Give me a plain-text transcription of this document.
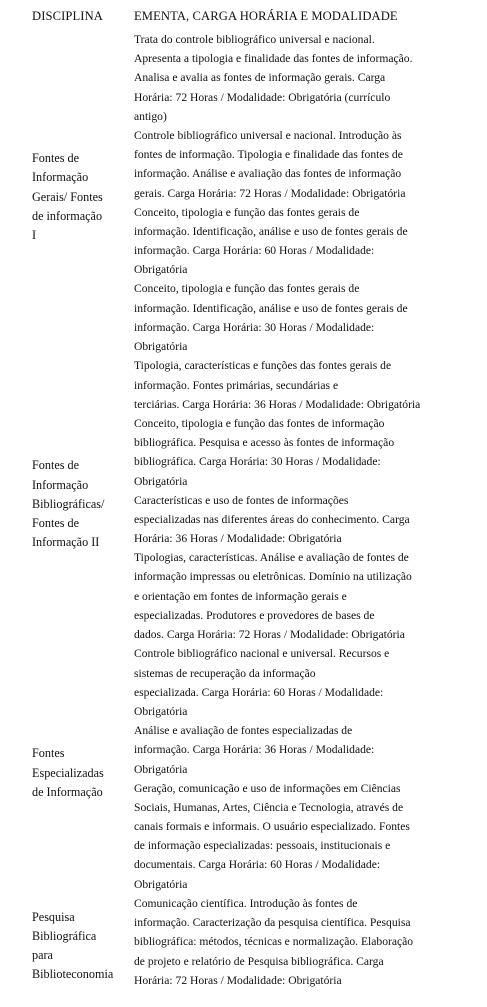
DISCIPLINA EMENTA, CARGA HORÁRIA E MODALIDADE
Fontes de
Informação
Gerais/ Fontes
de informação
I
Trata do controle bibliográfico universal e nacional.
Apresenta a tipologia e finalidade das fontes de informação.
Analisa e avalia as fontes de informação gerais. Carga
Horária: 72 Horas / Modalidade: Obrigatória (currículo
antigo)
Controle bibliográfico universal e nacional. Introdução às
fontes de informação. Tipologia e finalidade das fontes de
informação. Análise e avaliação das fontes de informação
gerais. Carga Horária: 72 Horas / Modalidade: Obrigatória
Conceito, tipologia e função das fontes gerais de
informação. Identificação, análise e uso de fontes gerais de
informação. Carga Horária: 60 Horas / Modalidade:
Obrigatória
Conceito, tipologia e função das fontes gerais de
informação. Identificação, análise e uso de fontes gerais de
informação. Carga Horária: 30 Horas / Modalidade:
Obrigatória
Fontes de
Informação
Bibliográficas/
Fontes de
Informação II
Tipologia, características e funções das fontes gerais de
informação. Fontes primárias, secundárias e
terciárias. Carga Horária: 36 Horas / Modalidade: Obrigatória
Conceito, tipologia e função das fontes de informação
bibliográfica. Pesquisa e acesso às fontes de informação
bibliográfica. Carga Horária: 30 Horas / Modalidade:
Obrigatória
Características e uso de fontes de informações
especializadas nas diferentes áreas do conhecimento. Carga
Horária: 36 Horas / Modalidade: Obrigatória
Tipologias, características. Análise e avaliação de fontes de
informação impressas ou eletrônicas. Domínio na utilização
e orientação em fontes de informação gerais e
especializadas. Produtores e provedores de bases de
dados. Carga Horária: 72 Horas / Modalidade: Obrigatória
Fontes
Especializadas
de Informação
Controle bibliográfico nacional e universal. Recursos e
sistemas de recuperação da informação
especializada. Carga Horária: 60 Horas / Modalidade:
Obrigatória
Análise e avaliação de fontes especializadas de
informação. Carga Horária: 36 Horas / Modalidade:
Obrigatória
Geração, comunicação e uso de informações em Ciências
Sociais, Humanas, Artes, Ciência e Tecnologia, através de
canais formais e informais. O usuário especializado. Fontes
de informação especializadas: pessoais, institucionais e
documentais. Carga Horária: 60 Horas / Modalidade:
Obrigatória
Pesquisa
Bibliográfica
para
Biblioteconomia
Comunicação científica. Introdução às fontes de
informação. Caracterização da pesquisa científica. Pesquisa
bibliográfica: métodos, técnicas e normalização. Elaboração
de projeto e relatório de Pesquisa bibliográfica. Carga
Horária: 72 Horas / Modalidade: Obrigatória
